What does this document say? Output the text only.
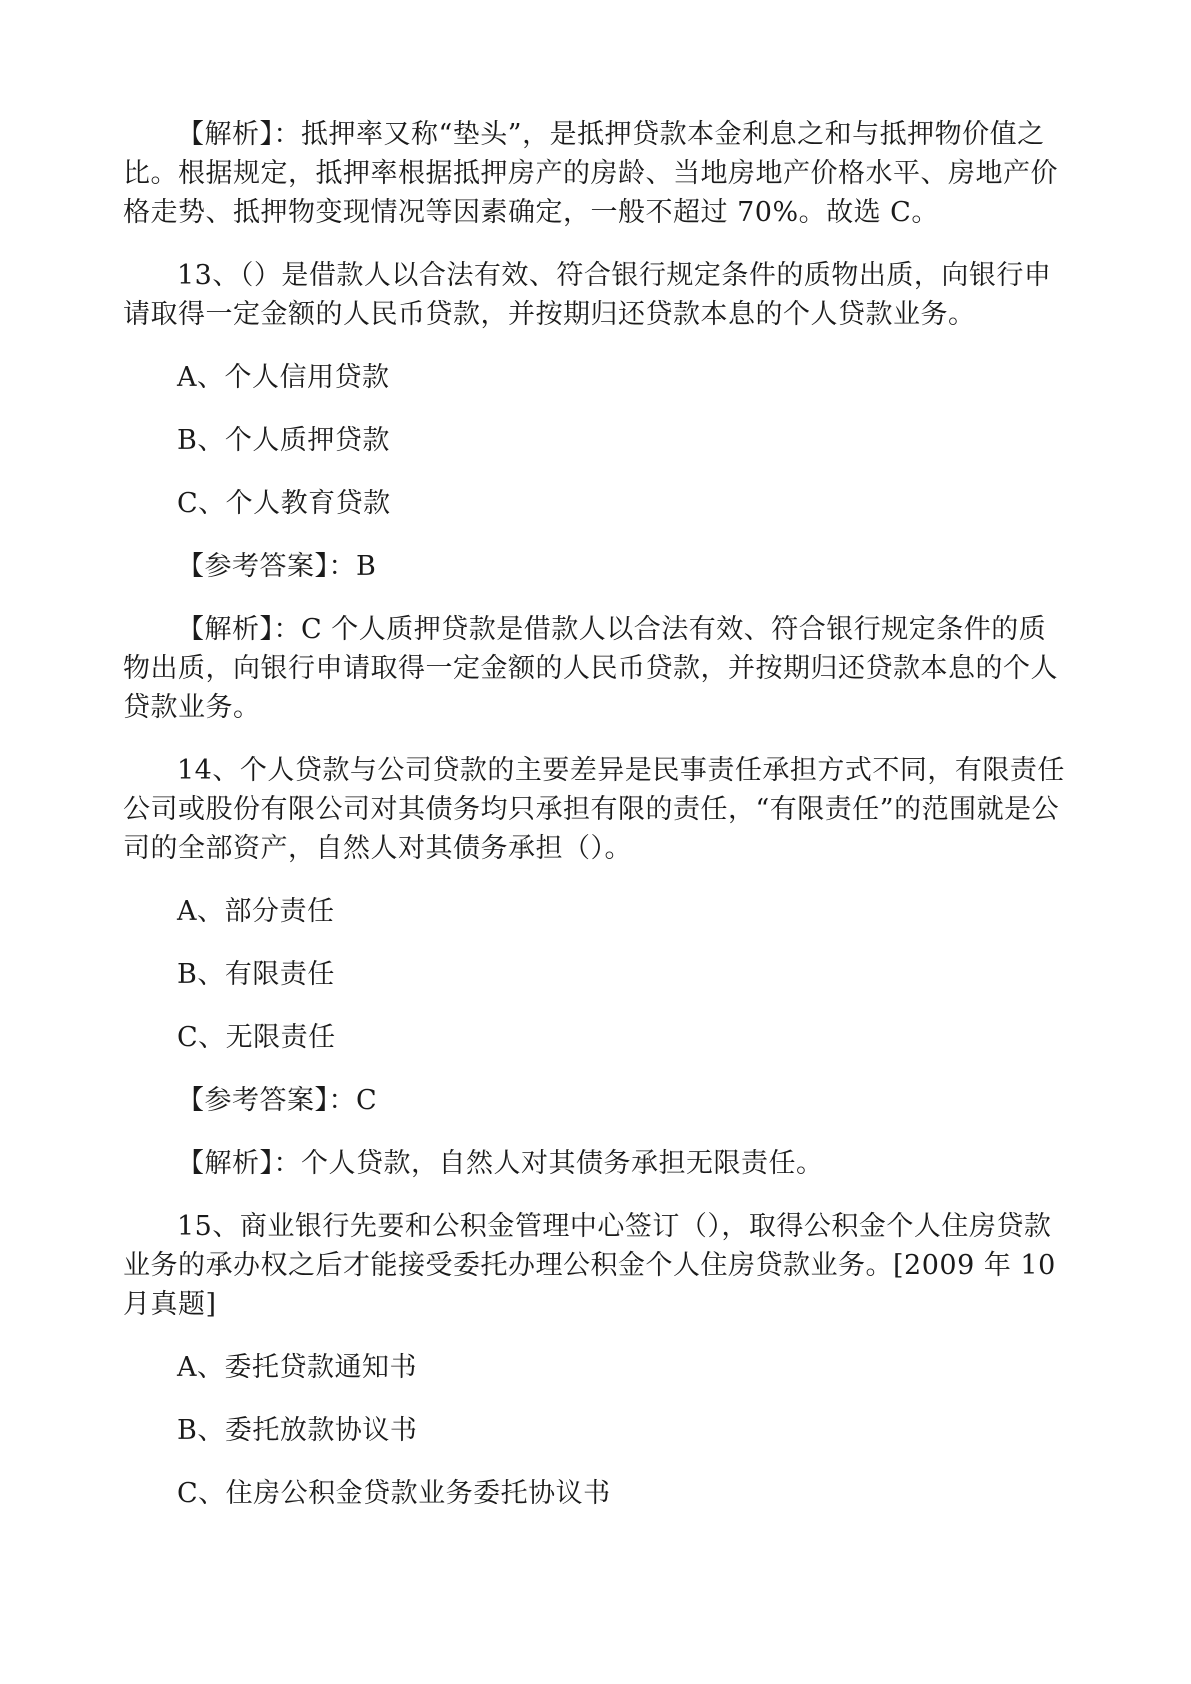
【解析】：抵押率又称“垫头”，是抵押贷款本金利息之和与抵押物价值之比。根据规定，抵押率根据抵押房产的房龄、当地房地产价格水平、房地产价格走势、抵押物变现情况等因素确定，一般不超过 70%。故选 C。

13、（）是借款人以合法有效、符合银行规定条件的质物出质，向银行申请取得一定金额的人民币贷款，并按期归还贷款本息的个人贷款业务。

A、个人信用贷款

B、个人质押贷款

C、个人教育贷款

【参考答案】：B

【解析】：C 个人质押贷款是借款人以合法有效、符合银行规定条件的质物出质，向银行申请取得一定金额的人民币贷款，并按期归还贷款本息的个人贷款业务。

14、个人贷款与公司贷款的主要差异是民事责任承担方式不同，有限责任公司或股份有限公司对其债务均只承担有限的责任，“有限责任”的范围就是公司的全部资产，自然人对其债务承担（）。

A、部分责任

B、有限责任

C、无限责任

【参考答案】：C

【解析】：个人贷款，自然人对其债务承担无限责任。

15、商业银行先要和公积金管理中心签订（），取得公积金个人住房贷款业务的承办权之后才能接受委托办理公积金个人住房贷款业务。[2009 年 10 月真题]

A、委托贷款通知书

B、委托放款协议书

C、住房公积金贷款业务委托协议书
